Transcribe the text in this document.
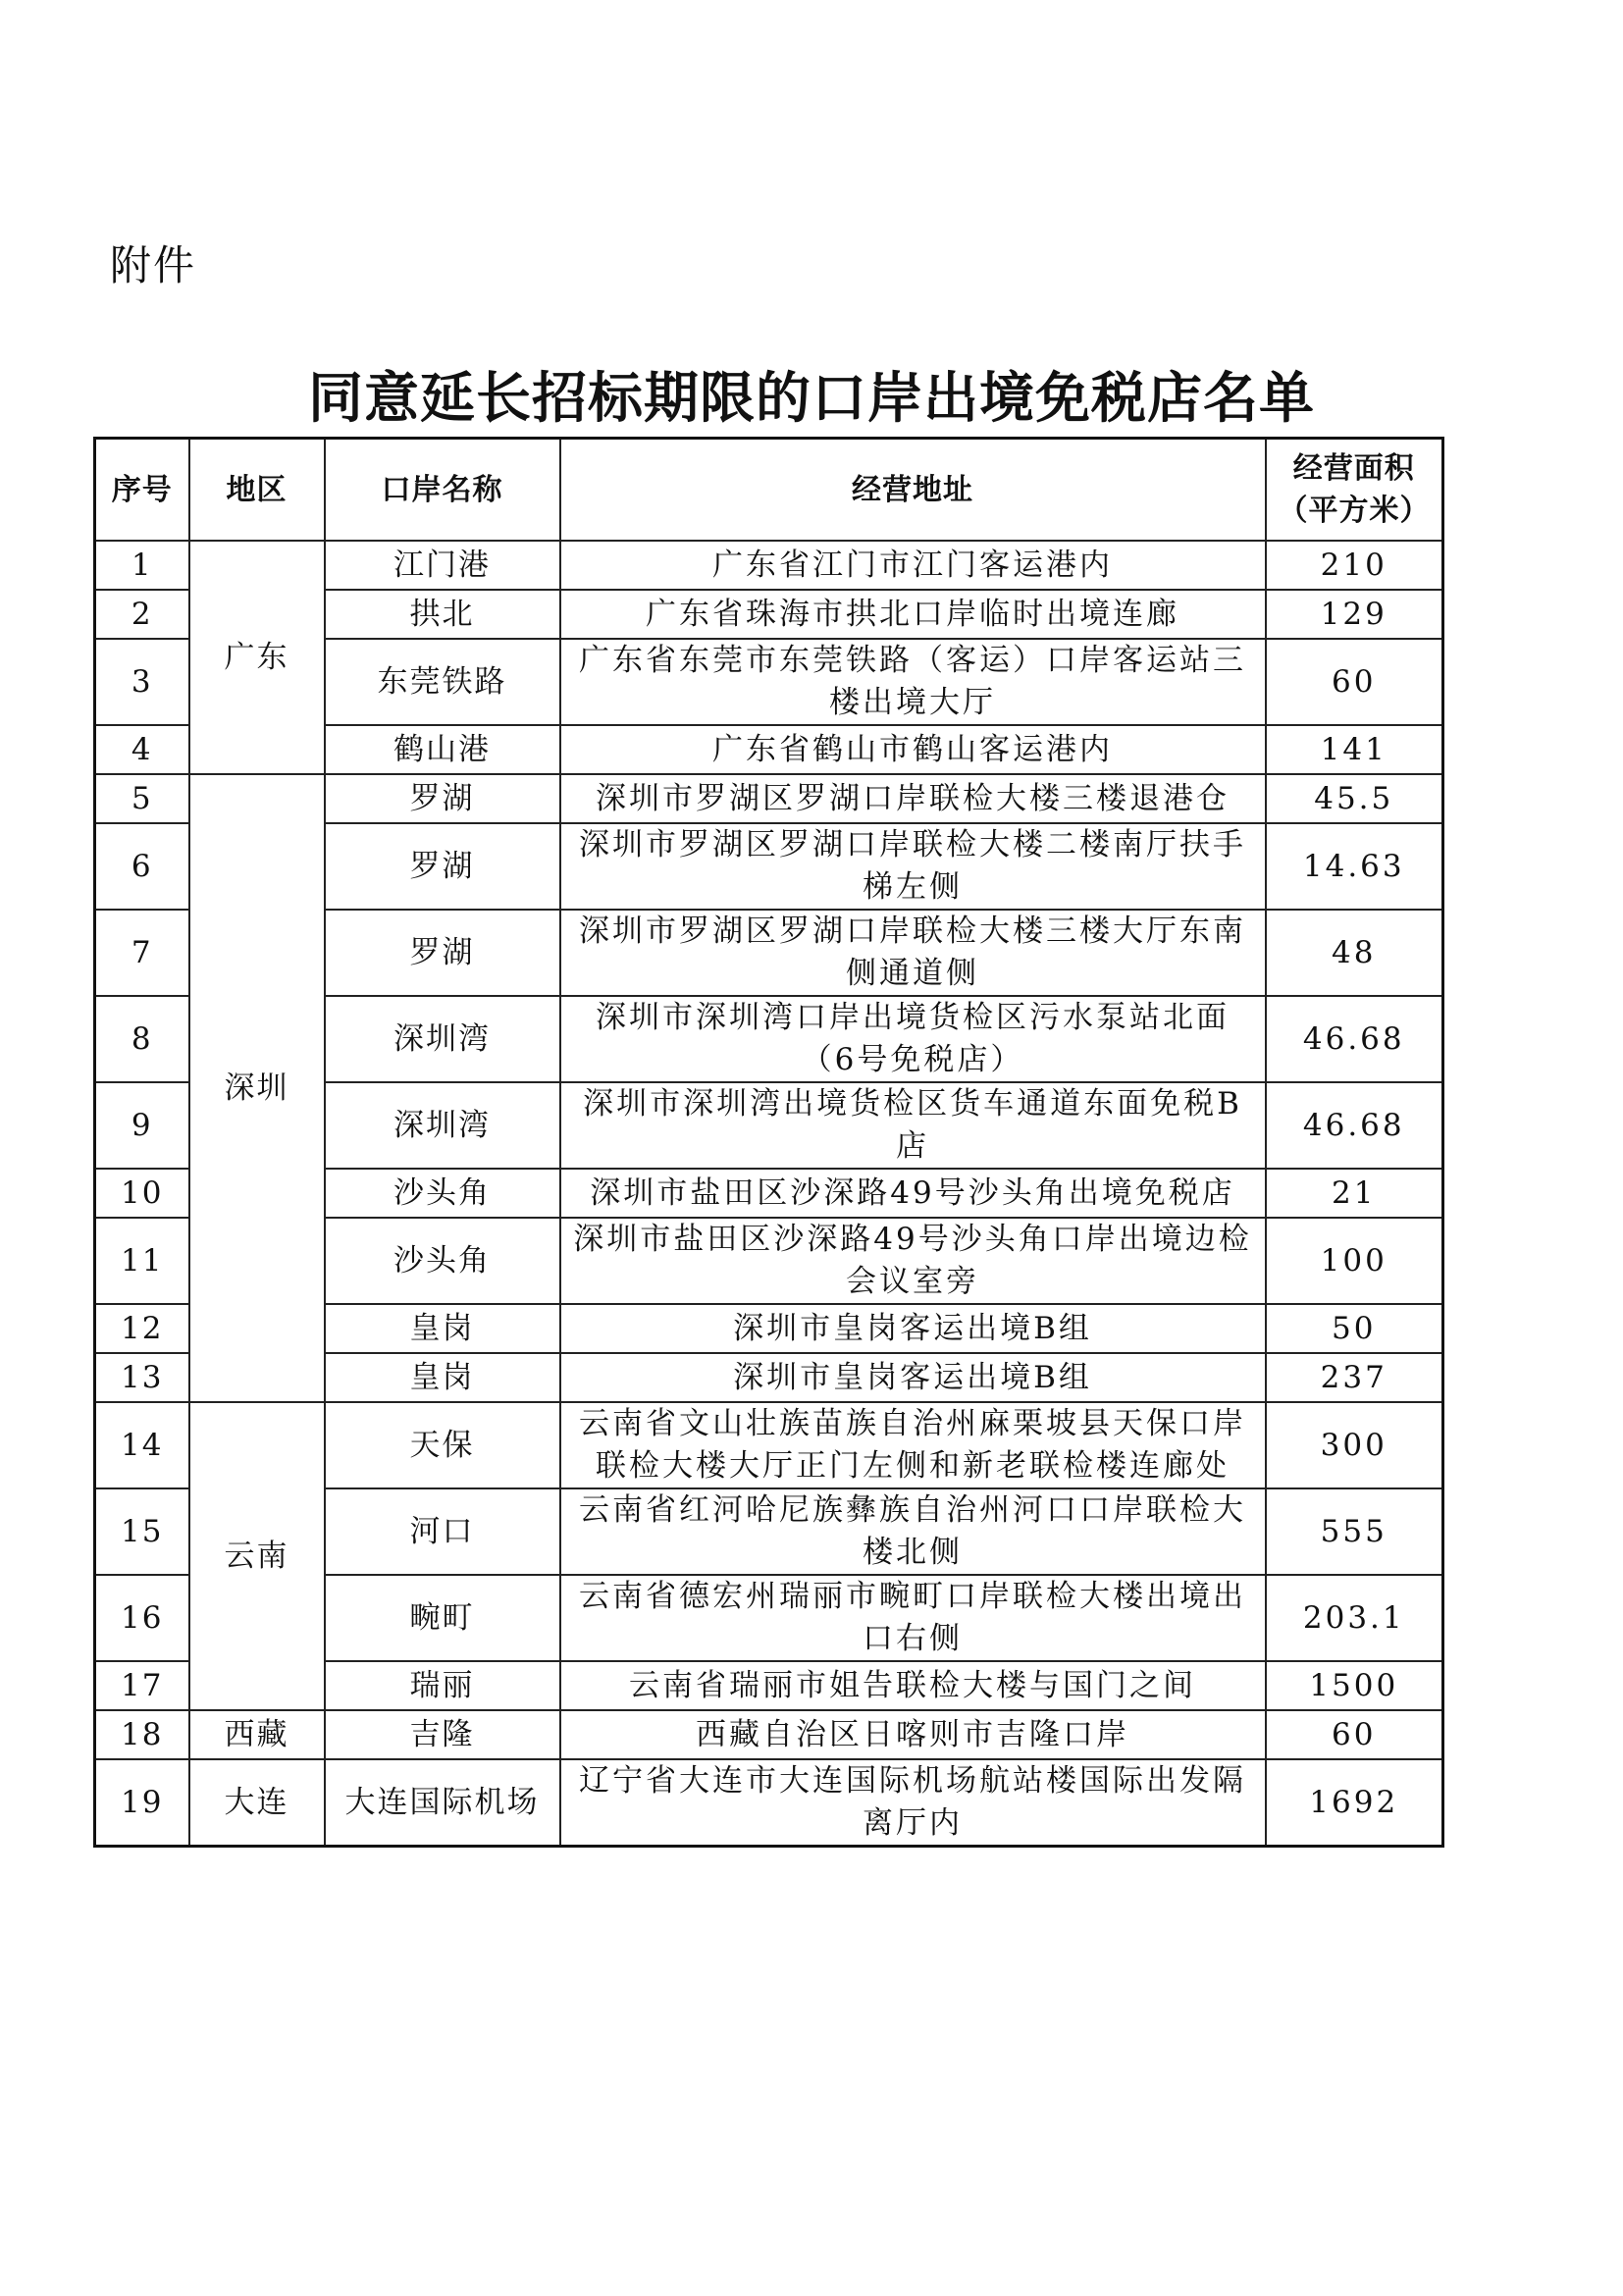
附件
同意延长招标期限的口岸出境免税店名单
序号	地区	口岸名称	经营地址	经营面积
（平方米）

1	广东	江门港	广东省江门市江门客运港内	210
2		拱北	广东省珠海市拱北口岸临时出境连廊	129
3		东莞铁路	广东省东莞市东莞铁路（客运）口岸客运站三楼出境大厅	60
4		鹤山港	广东省鹤山市鹤山客运港内	141
5	深圳	罗湖	深圳市罗湖区罗湖口岸联检大楼三楼退港仓	45.5
6		罗湖	深圳市罗湖区罗湖口岸联检大楼二楼南厅扶手梯左侧	14.63
7		罗湖	深圳市罗湖区罗湖口岸联检大楼三楼大厅东南侧通道侧	48
8		深圳湾	深圳市深圳湾口岸出境货检区污水泵站北面（6号免税店）	46.68
9		深圳湾	深圳市深圳湾出境货检区货车通道东面免税B店	46.68
10		沙头角	深圳市盐田区沙深路49号沙头角出境免税店	21
11		沙头角	深圳市盐田区沙深路49号沙头角口岸出境边检会议室旁	100
12		皇岗	深圳市皇岗客运出境B组	50
13		皇岗	深圳市皇岗客运出境B组	237
14	云南	天保	云南省文山壮族苗族自治州麻栗坡县天保口岸联检大楼大厅正门左侧和新老联检楼连廊处	300
15		河口	云南省红河哈尼族彝族自治州河口口岸联检大楼北侧	555
16		畹町	云南省德宏州瑞丽市畹町口岸联检大楼出境出口右侧	203.1
17		瑞丽	云南省瑞丽市姐告联检大楼与国门之间	1500
18	西藏	吉隆	西藏自治区日喀则市吉隆口岸	60
19	大连	大连国际机场	辽宁省大连市大连国际机场航站楼国际出发隔离厅内	1692
